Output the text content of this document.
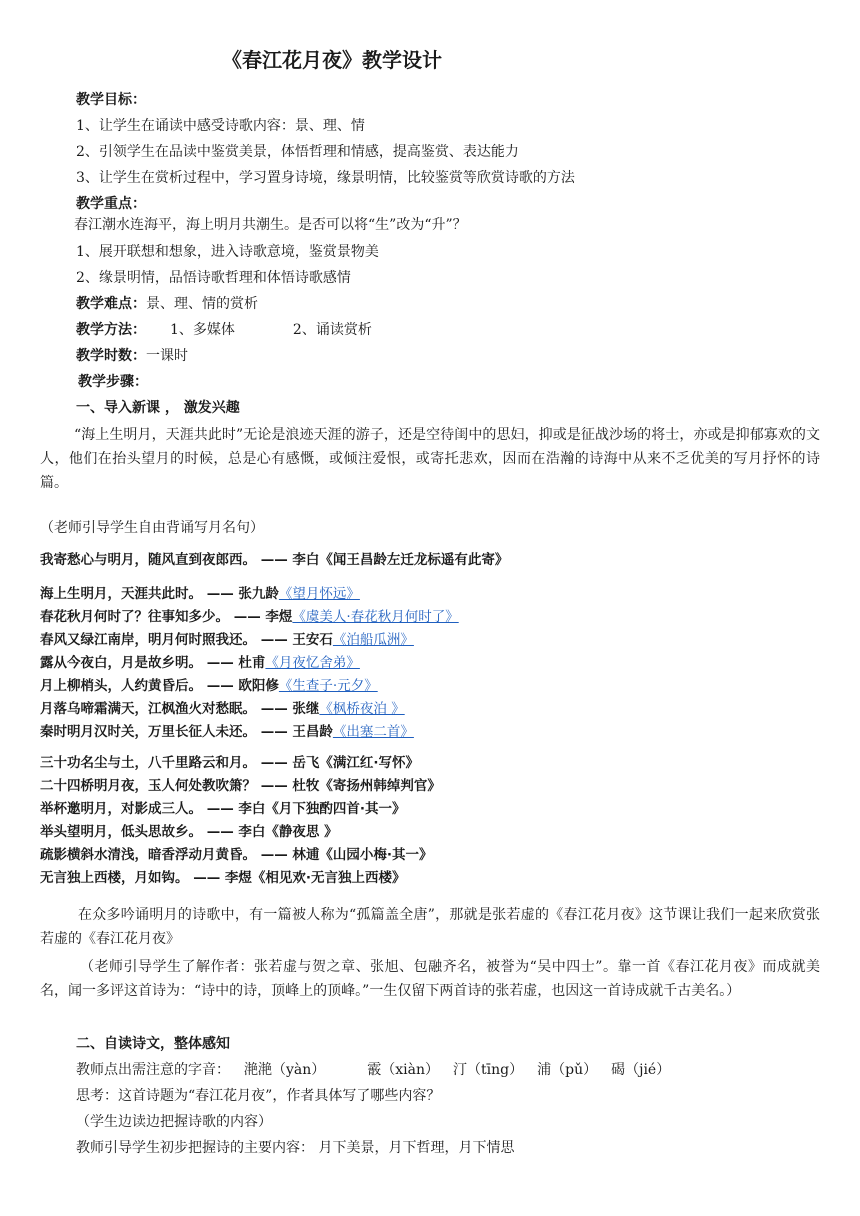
《春江花月夜》教学设计
教学目标：
1、让学生在诵读中感受诗歌内容：景、理、情
2、引领学生在品读中鉴赏美景，体悟哲理和情感，提高鉴赏、表达能力
3、让学生在赏析过程中，学习置身诗境，缘景明情，比较鉴赏等欣赏诗歌的方法
教学重点：
春江潮水连海平，海上明月共潮生。是否可以将“生”改为“升”？
1、展开联想和想象，进入诗歌意境，鉴赏景物美
2、缘景明情，品悟诗歌哲理和体悟诗歌感情
教学难点：景、理、情的赏析
教学方法： 1、多媒体	2、诵读赏析
教学时数：一课时
教学步骤：
一、导入新课 ， 激发兴趣
“海上生明月，天涯共此时”无论是浪迹天涯的游子，还是空待闺中的思妇，抑或是征战沙场的将士，亦或是抑郁寡欢的文人，他们在抬头望月的时候，总是心有感慨，或倾注爱恨，或寄托悲欢，因而在浩瀚的诗海中从来不乏优美的写月抒怀的诗篇。
（老师引导学生自由背诵写月名句）
我寄愁心与明月，随风直到夜郎西。 —— 李白《闻王昌龄左迁龙标遥有此寄》
海上生明月，天涯共此时。 —— 张九龄《望月怀远》
春花秋月何时了？往事知多少。 —— 李煜《虞美人·春花秋月何时了》
春风又绿江南岸，明月何时照我还。 —— 王安石《泊船瓜洲》
露从今夜白，月是故乡明。 —— 杜甫《月夜忆舍弟》
月上柳梢头，人约黄昏后。 —— 欧阳修《生查子·元夕》
月落乌啼霜满天，江枫渔火对愁眠。 —— 张继《枫桥夜泊 》
秦时明月汉时关，万里长征人未还。 —— 王昌龄《出塞二首》
三十功名尘与土，八千里路云和月。 —— 岳飞《满江红·写怀》
二十四桥明月夜，玉人何处教吹箫？ —— 杜牧《寄扬州韩绰判官》
举杯邀明月，对影成三人。 —— 李白《月下独酌四首·其一》
举头望明月，低头思故乡。 —— 李白《静夜思 》
疏影横斜水清浅，暗香浮动月黄昏。 —— 林逋《山园小梅·其一》
无言独上西楼，月如钩。 —— 李煜《相见欢·无言独上西楼》
在众多吟诵明月的诗歌中，有一篇被人称为“孤篇盖全唐”，那就是张若虚的《春江花月夜》这节课让我们一起来欣赏张若虚的《春江花月夜》
（老师引导学生了解作者：张若虚与贺之章、张旭、包融齐名，被誉为“吴中四士”。靠一首《春江花月夜》而成就美名，闻一多评这首诗为：“诗中的诗，顶峰上的顶峰。”一生仅留下两首诗的张若虚，也因这一首诗成就千古美名。）
二、自读诗文，整体感知
教师点出需注意的字音： 滟滟（yàn）	霰（xiàn） 汀（tīng） 浦（pǔ） 碣（jié）
思考：这首诗题为“春江花月夜”，作者具体写了哪些内容？
（学生边读边把握诗歌的内容）
教师引导学生初步把握诗的主要内容： 月下美景，月下哲理，月下情思
